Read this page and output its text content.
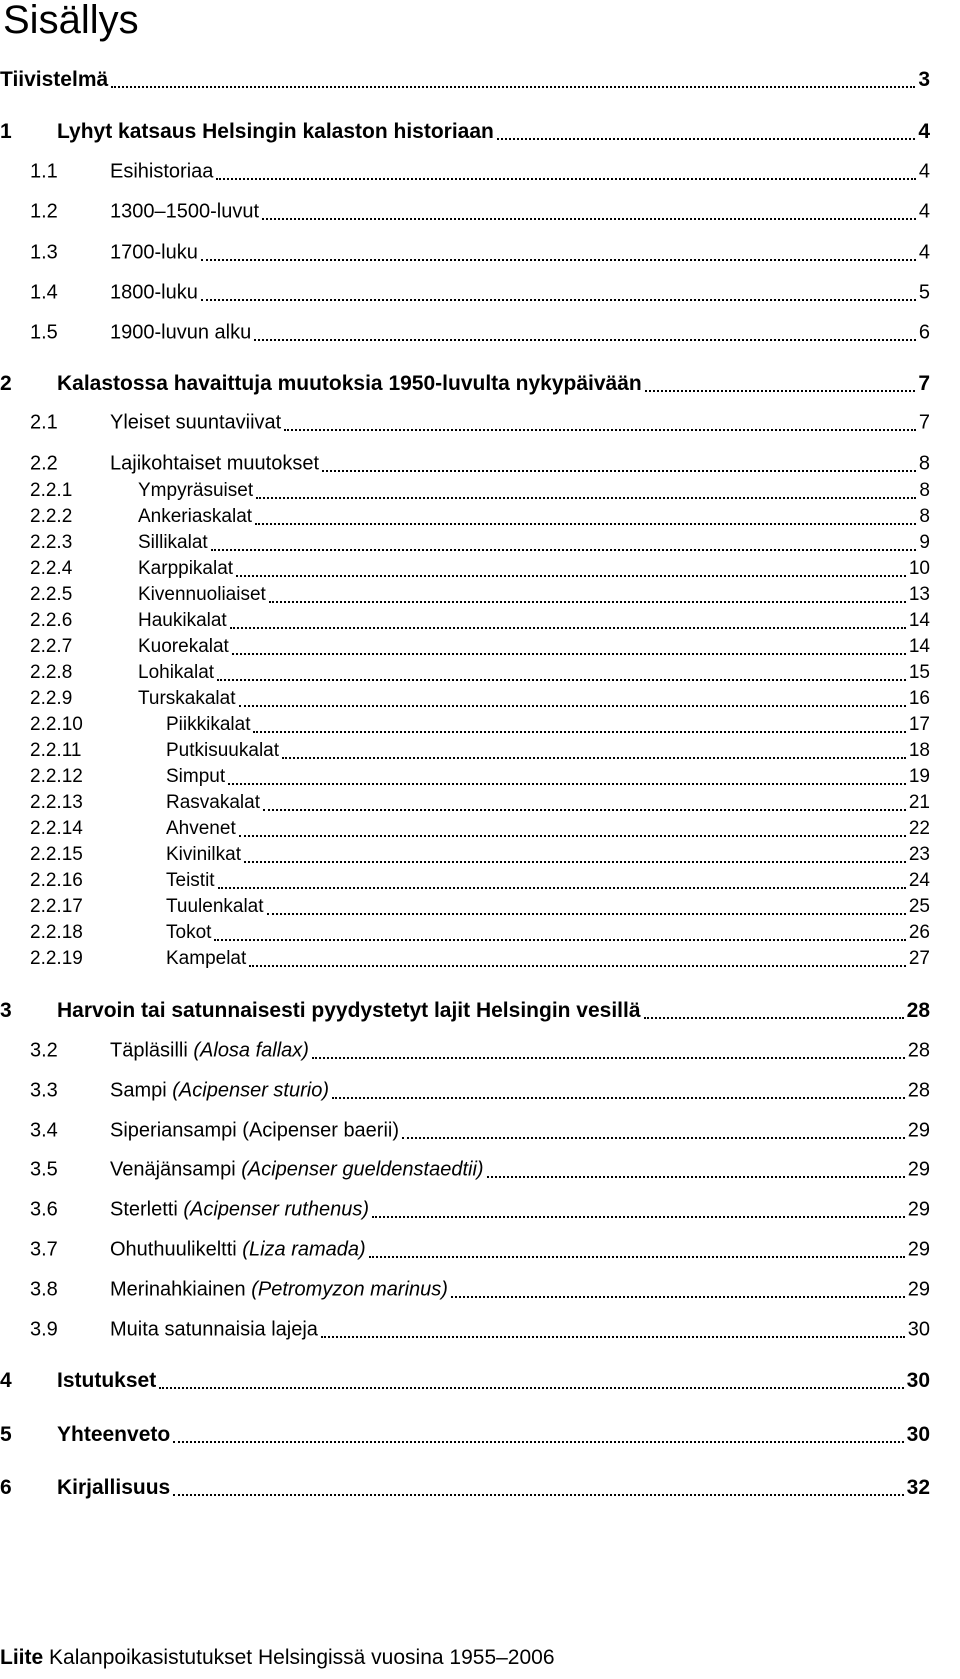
Sisällys
Tiivistelmä	3
1 Lyhyt katsaus Helsingin kalaston historiaan	4
1.1	Esihistoriaa	4
1.2	1300–1500-luvut	4
1.3	1700-luku	4
1.4	1800-luku	5
1.5	1900-luvun alku	6
2 Kalastossa havaittuja muutoksia 1950-luvulta nykypäivään	7
2.1	Yleiset suuntaviivat	7
2.2	Lajikohtaiset muutokset	8
2.2.1	Ympyräsuiset	8
2.2.2	Ankeriaskalat	8
2.2.3	Sillikalat	9
2.2.4	Karppikalat	10
2.2.5	Kivennuoliaiset	13
2.2.6	Haukikalat	14
2.2.7	Kuorekalat	14
2.2.8	Lohikalat	15
2.2.9	Turskakalat	16
2.2.10	Piikkikalat	17
2.2.11	Putkisuukalat	18
2.2.12	Simput	19
2.2.13	Rasvakalat	21
2.2.14	Ahvenet	22
2.2.15	Kivinilkat	23
2.2.16	Teistit	24
2.2.17	Tuulenkalat	25
2.2.18	Tokot	26
2.2.19	Kampelat	27
3 Harvoin tai satunnaisesti pyydystetyt lajit Helsingin vesillä	28
3.2	Täpläsilli (Alosa fallax)	28
3.3	Sampi (Acipenser sturio)	28
3.4	Siperiansampi (Acipenser baerii)	29
3.5	Venäjänsampi (Acipenser gueldenstaedtii)	29
3.6	Sterletti (Acipenser ruthenus)	29
3.7	Ohuthuulikeltti (Liza ramada)	29
3.8	Merinahkiainen (Petromyzon marinus)	29
3.9	Muita satunnaisia lajeja	30
4 Istutukset	30
5 Yhteenveto	30
6 Kirjallisuus	32
Liite Kalanpoikasistutukset Helsingissä vuosina 1955–2006
